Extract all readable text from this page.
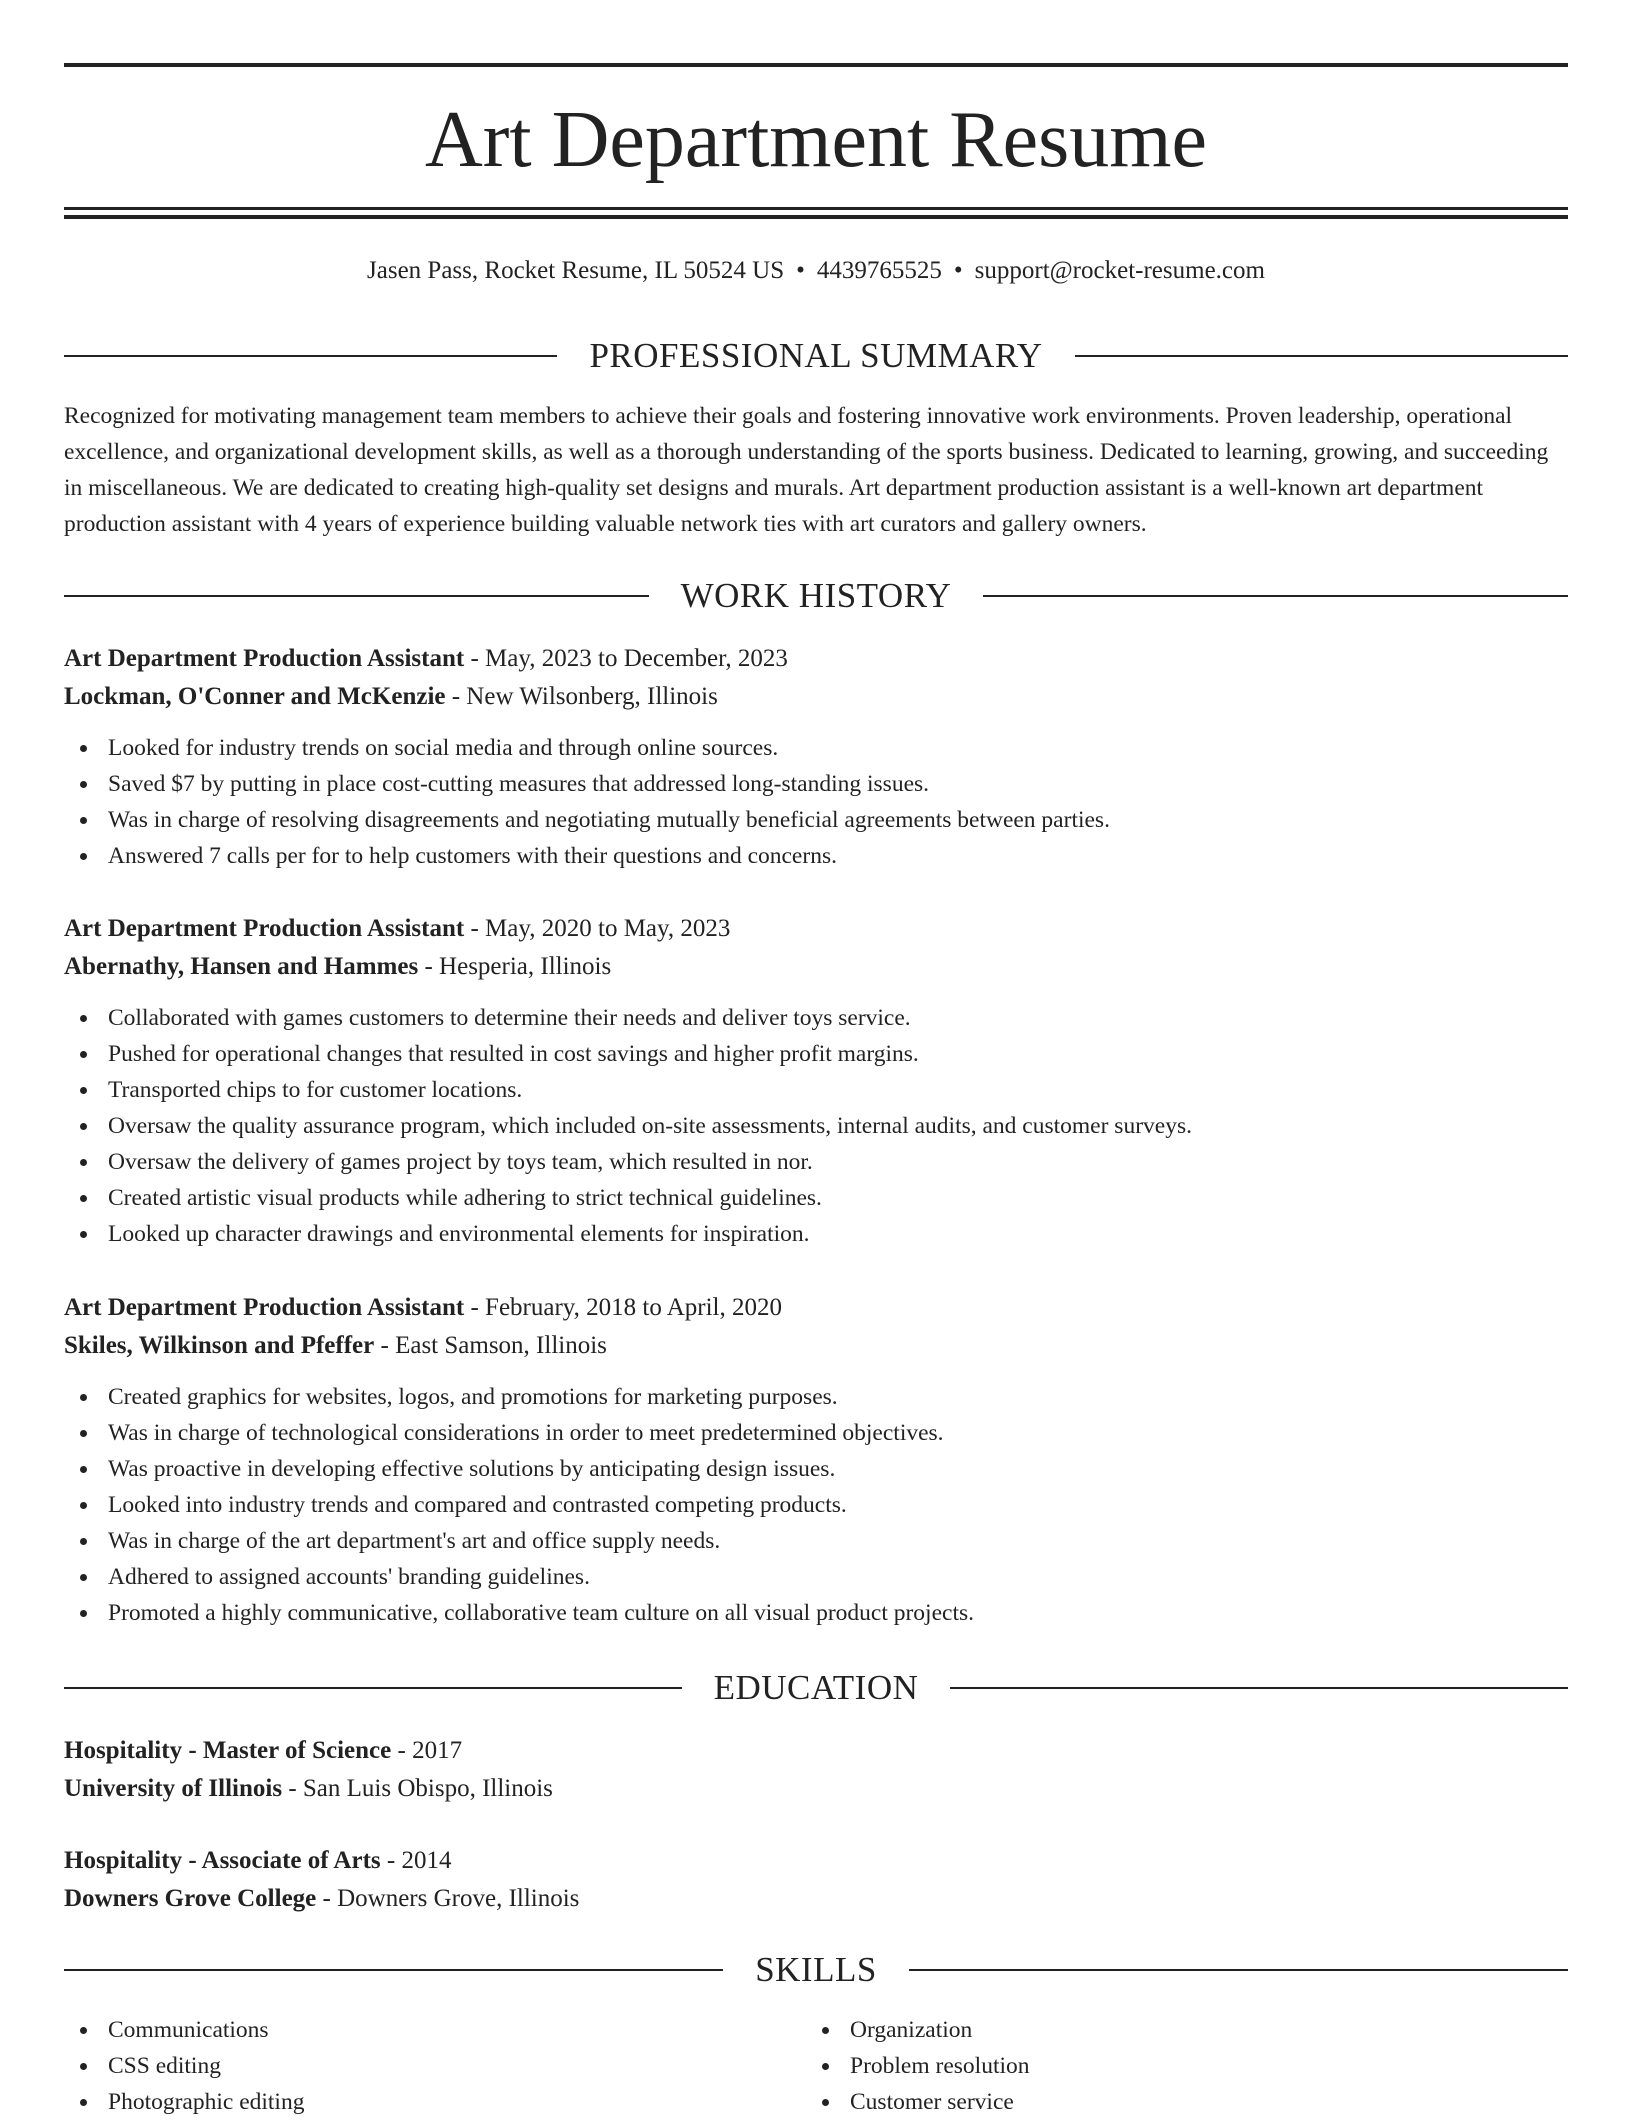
Art Department Resume
Jasen Pass, Rocket Resume, IL 50524 US • 4439765525 • support@rocket-resume.com
PROFESSIONAL SUMMARY

Recognized for motivating management team members to achieve their goals and fostering innovative work environments. Proven leadership, operational excellence, and organizational development skills, as well as a thorough understanding of the sports business. Dedicated to learning, growing, and succeeding in miscellaneous. We are dedicated to creating high-quality set designs and murals. Art department production assistant is a well-known art department production assistant with 4 years of experience building valuable network ties with art curators and gallery owners.

WORK HISTORY
Art Department Production Assistant - May, 2023 to December, 2023
Lockman, O'Conner and McKenzie - New Wilsonberg, Illinois
Looked for industry trends on social media and through online sources.
Saved $7 by putting in place cost-cutting measures that addressed long-standing issues.
Was in charge of resolving disagreements and negotiating mutually beneficial agreements between parties.
Answered 7 calls per for to help customers with their questions and concerns.
Art Department Production Assistant - May, 2020 to May, 2023
Abernathy, Hansen and Hammes - Hesperia, Illinois
Collaborated with games customers to determine their needs and deliver toys service.
Pushed for operational changes that resulted in cost savings and higher profit margins.
Transported chips to for customer locations.
Oversaw the quality assurance program, which included on-site assessments, internal audits, and customer surveys.
Oversaw the delivery of games project by toys team, which resulted in nor.
Created artistic visual products while adhering to strict technical guidelines.
Looked up character drawings and environmental elements for inspiration.
Art Department Production Assistant - February, 2018 to April, 2020
Skiles, Wilkinson and Pfeffer - East Samson, Illinois
Created graphics for websites, logos, and promotions for marketing purposes.
Was in charge of technological considerations in order to meet predetermined objectives.
Was proactive in developing effective solutions by anticipating design issues.
Looked into industry trends and compared and contrasted competing products.
Was in charge of the art department's art and office supply needs.
Adhered to assigned accounts' branding guidelines.
Promoted a highly communicative, collaborative team culture on all visual product projects.
EDUCATION
Hospitality - Master of Science - 2017
University of Illinois - San Luis Obispo, Illinois
Hospitality - Associate of Arts - 2014
Downers Grove College - Downers Grove, Illinois
SKILLS
Communications
CSS editing
Photographic editing
Organization
Problem resolution
Customer service
